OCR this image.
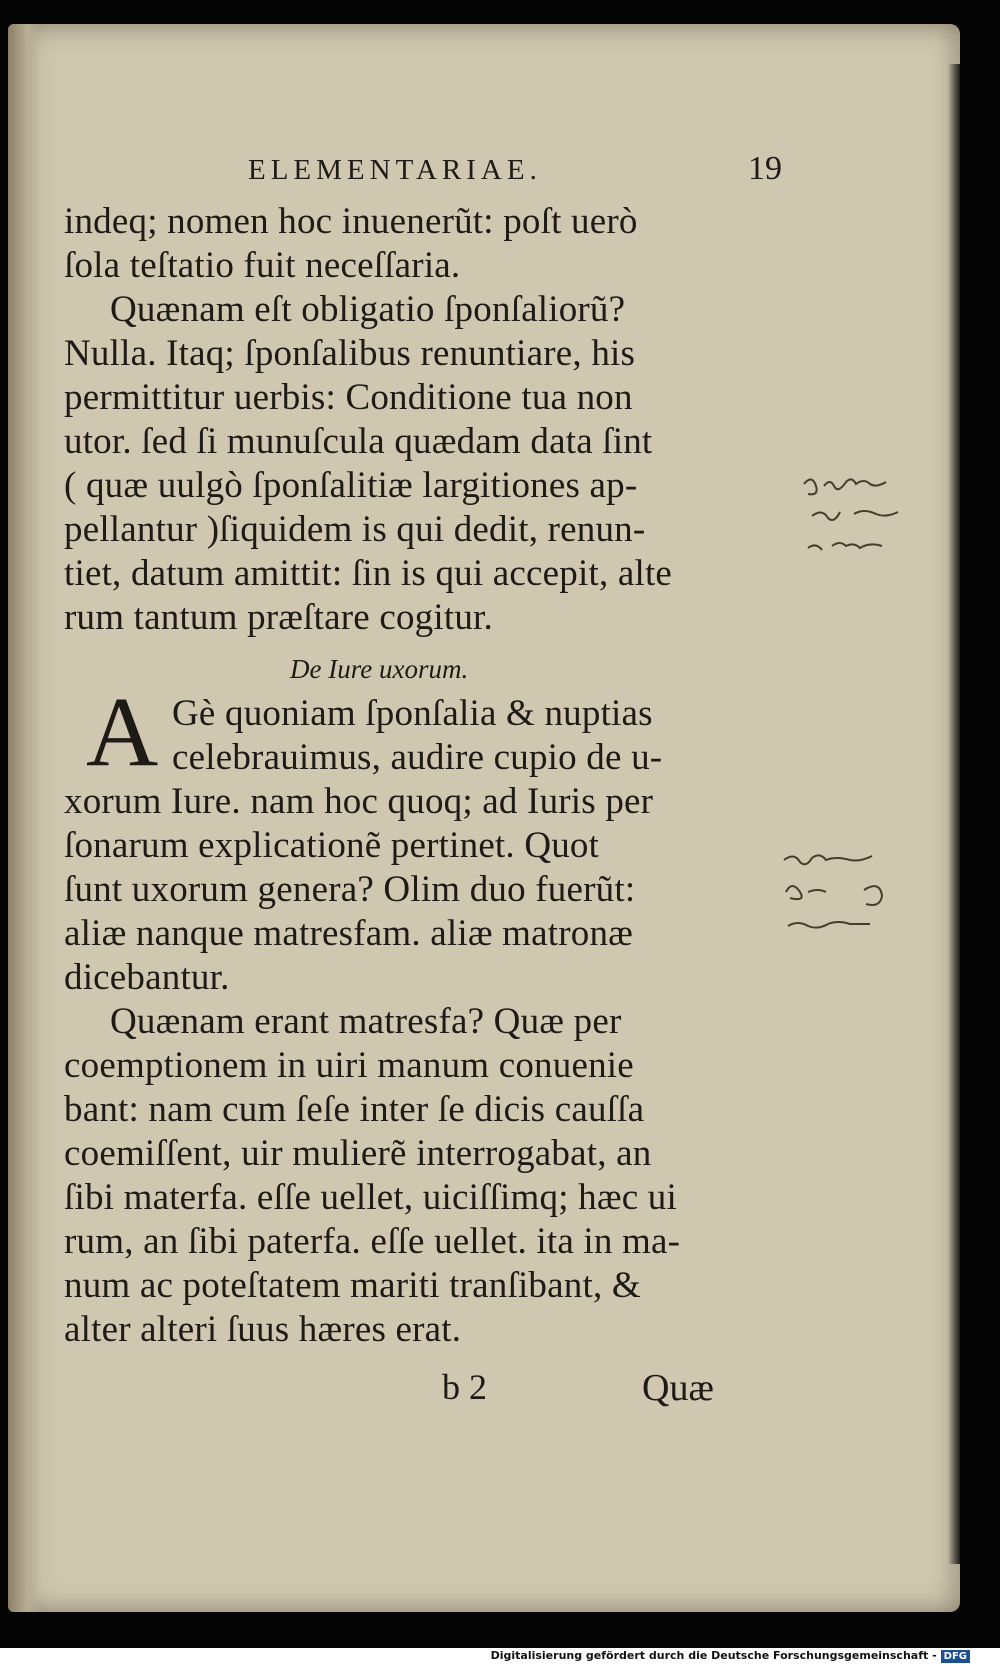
ELEMENTARIAE.	19
indeq; nomen hoc inuenerũt: poſt uerò
ſola teſtatio fuit neceſſaria.
Quænam eſt obligatio ſponſaliorũ?
Nulla. Itaq; ſponſalibus renuntiare, his
permittitur uerbis: Conditione tua non
utor. ſed ſi munuſcula quædam data ſint
( quæ uulgò ſponſalitiæ largitiones ap-
pellantur )ſiquidem is qui dedit, renun-
tiet, datum amittit: ſin is qui accepit, alte
rum tantum præſtare cogitur.
De Iure uxorum.
A Gè quoniam ſponſalia & nuptias
celebrauimus, audire cupio de u-
xorum Iure. nam hoc quoq; ad Iuris per
ſonarum explicationẽ pertinet. Quot
ſunt uxorum genera? Olim duo fuerũt:
aliæ nanque matresfam. aliæ matronæ
dicebantur.
Quænam erant matresfa? Quæ per
coemptionem in uiri manum conuenie
bant: nam cum ſeſe inter ſe dicis cauſſa
coemiſſent, uir mulierẽ interrogabat, an
ſibi materfa. eſſe uellet, uiciſſimq; hæc ui
rum, an ſibi paterfa. eſſe uellet. ita in ma-
num ac poteſtatem mariti tranſibant, &
alter alteri ſuus hæres erat.
b 2	Quæ
Digitalisierung gefördert durch die Deutsche Forschungsgemeinschaft - DFG
